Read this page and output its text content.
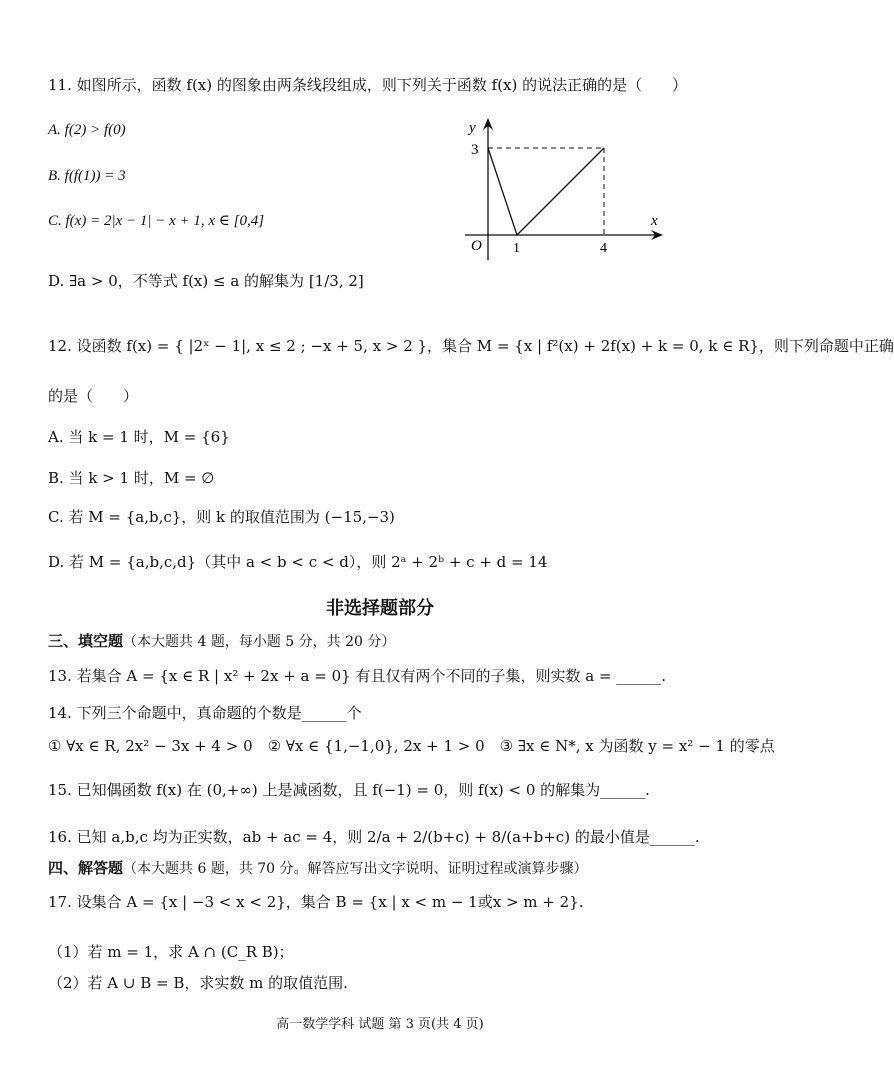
11. 如图所示，函数 f(x) 的图象由两条线段组成，则下列关于函数 f(x) 的说法正确的是（　　）
A. f(2) > f(0)
B. f(f(1)) = 3
C. f(x) = 2|x − 1| − x + 1, x ∈ [0,4]
D. ∃a > 0，不等式 f(x) ≤ a 的解集为 [1/3, 2]
y
x
O
3
1	4
12. 设函数 f(x) = { |2ˣ − 1|, x ≤ 2 ; −x + 5, x > 2 }，集合 M = {x | f²(x) + 2f(x) + k = 0, k ∈ R}，则下列命题中正确
的是（　　）
A. 当 k = 1 时，M = {6}
B. 当 k > 1 时，M = ∅
C. 若 M = {a,b,c}，则 k 的取值范围为 (−15,−3)
D. 若 M = {a,b,c,d}（其中 a < b < c < d），则 2ᵃ + 2ᵇ + c + d = 14
非选择题部分
三、填空题（本大题共 4 题，每小题 5 分，共 20 分）
13. 若集合 A = {x ∈ R | x² + 2x + a = 0} 有且仅有两个不同的子集，则实数 a = ______.
14. 下列三个命题中，真命题的个数是______个
① ∀x ∈ R, 2x² − 3x + 4 > 0　② ∀x ∈ {1,−1,0}, 2x + 1 > 0　③ ∃x ∈ N*, x 为函数 y = x² − 1 的零点
15. 已知偶函数 f(x) 在 (0,+∞) 上是减函数，且 f(−1) = 0，则 f(x) < 0 的解集为______.
16. 已知 a,b,c 均为正实数，ab + ac = 4，则 2/a + 2/(b+c) + 8/(a+b+c) 的最小值是______.
四、解答题（本大题共 6 题，共 70 分。解答应写出文字说明、证明过程或演算步骤）
17. 设集合 A = {x | −3 < x < 2}，集合 B = {x | x < m − 1或x > m + 2}.
（1）若 m = 1，求 A ∩ (C_R B)；
（2）若 A ∪ B = B，求实数 m 的取值范围.
高一数学学科 试题 第 3 页(共 4 页)
